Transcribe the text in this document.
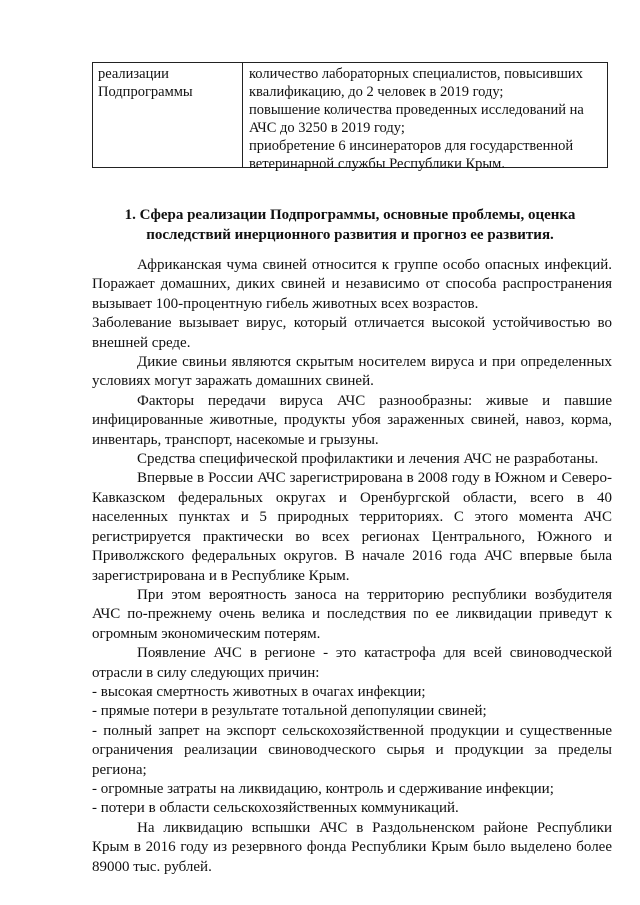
реализации
Подпрограммы
количество лабораторных специалистов, повысивших
квалификацию, до 2 человек в 2019 году;
повышение количества проведенных исследований на
АЧС до 3250 в 2019 году;
приобретение 6 инсинераторов для государственной
ветеринарной службы Республики Крым.
1. Сфера реализации Подпрограммы, основные проблемы, оценка
последствий инерционного развития и прогноз ее развития.

Африканская чума свиней относится к группе особо опасных инфекций. Поражает домашних, диких свиней и независимо от способа распространения вызывает 100-процентную гибель животных всех возрастов.

Заболевание вызывает вирус, который отличается высокой устойчивостью во внешней среде.

Дикие свиньи являются скрытым носителем вируса и при определенных условиях могут заражать домашних свиней.

Факторы передачи вируса АЧС разнообразны: живые и павшие инфицированные животные, продукты убоя зараженных свиней, навоз, корма, инвентарь, транспорт, насекомые и грызуны.

Средства специфической профилактики и лечения АЧС не разработаны.

Впервые в России АЧС зарегистрирована в 2008 году в Южном и Северо-Кавказском федеральных округах и Оренбургской области, всего в 40 населенных пунктах и 5 природных территориях. С этого момента АЧС регистрируется практически во всех регионах Центрального, Южного и Приволжского федеральных округов. В начале 2016 года АЧС впервые была зарегистрирована и в Республике Крым.

При этом вероятность заноса на территорию республики возбудителя АЧС по-прежнему очень велика и последствия по ее ликвидации приведут к огромным экономическим потерям.

Появление АЧС в регионе - это катастрофа для всей свиноводческой отрасли в силу следующих причин:

- высокая смертность животных в очагах инфекции;

- прямые потери в результате тотальной депопуляции свиней;

- полный запрет на экспорт сельскохозяйственной продукции и существенные ограничения реализации свиноводческого сырья и продукции за пределы региона;

- огромные затраты на ликвидацию, контроль и сдерживание инфекции;

- потери в области сельскохозяйственных коммуникаций.

На ликвидацию вспышки АЧС в Раздольненском районе Республики Крым в 2016 году из резервного фонда Республики Крым было выделено более 89000 тыс. рублей.
